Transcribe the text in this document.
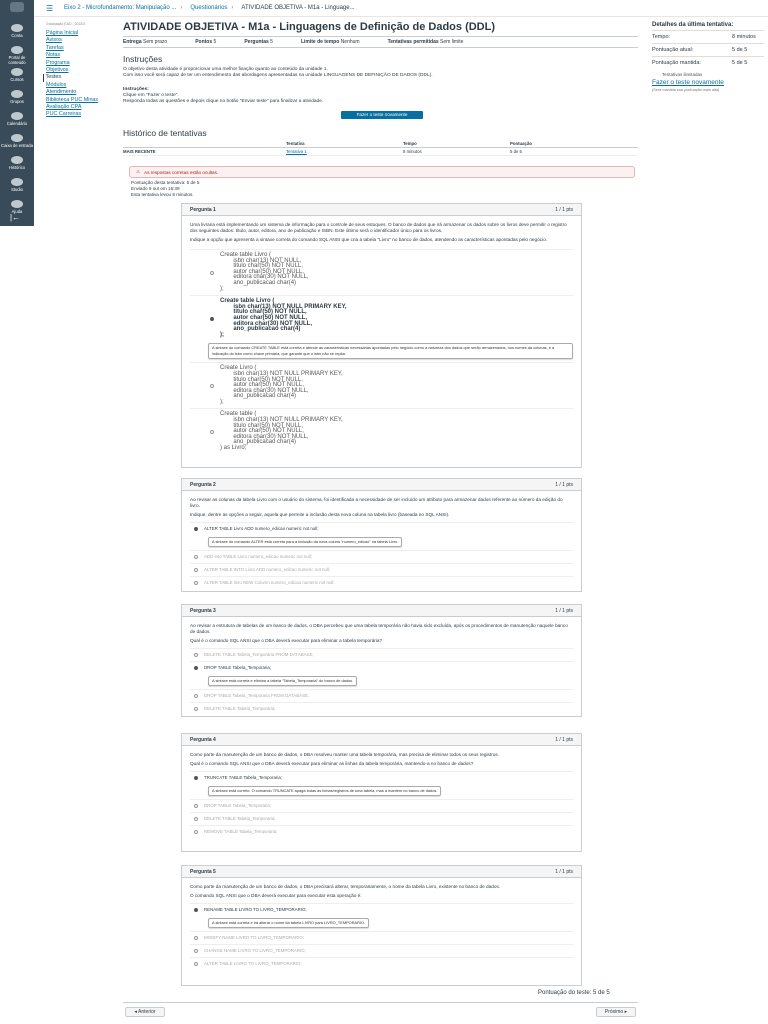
Conta
Portal de conteúdo
Cursos
Grupos
Calendário
Caixa de entrada
Histórico
Studio
Ajuda
|←
☰	Eixo 2 - Microfundamento: Manipulação ... › Questionários › ATIVIDADE OBJETIVA - M1a - Linguage...
Graduação EAD - 2022/2
Página Inicial
Avisos
Tarefas
Notas
Programa
Objetivos
Testes
Módulos
Atendimento
Biblioteca PUC Minas
Avaliação CPA
PUC Carreiras
Detalhes da última tentativa:
Tempo:	8 minutos
Pontuação atual:	5 de 5
Pontuação mantida:	5 de 5
Tentativas ilimitadas
Fazer o teste novamente
(Será mantida sua pontuação mais alta)
ATIVIDADE OBJETIVA - M1a - Linguagens de Definição de Dados (DDL)
Entrega Sem prazo	Pontos 5	Perguntas 5	Limite de tempo Nenhum	Tentativas permitidas Sem limite
Instruções
O objetivo desta atividade é proporcionar uma melhor fixação quanto ao conteúdo da unidade 1.
Com isso você será capaz de ter um entendimento das abordagens apresentadas na unidade LINGUAGENS DE DEFINIÇÃO DE DADOS (DDL).
Instruções:
Clique em "Fazer o teste".
Responda todas as questões e depois clique no botão "Enviar teste" para finalizar a atividade.
Fazer o teste novamente
Histórico de tentativas
	Tentativa	Tempo	Pontuação
MAIS RECENTE	Tentativa 1	8 minutos	5 de 5
⚠ As respostas corretas estão ocultas.
Pontuação desta tentativa: 5 de 5
Enviado 9 out em 16:39
Esta tentativa levou 8 minutos.
Pergunta 1	1 / 1 pts

Uma livraria está implementando um sistema de informação para o controle de seus estoques. O banco de dados que irá armazenar os dados sobre os livros deve permitir o registro dos seguintes dados: título, autor, editora, ano de publicação e ISBN. Este último será o identificador único para os livros.

Indique a opção que apresenta a sintaxe correta do comando SQL ANSI que cria a tabela "Livro" no banco de dados, atendendo as características apontadas pelo negócio.

Create table Livro (
isbn char(13) NOT NULL,
titulo char(50) NOT NULL,
autor char(50) NOT NULL,
editora char(30) NOT NULL,
ano_publicacao char(4)
);
Create table Livro (
isbn char(13) NOT NULL PRIMARY KEY,
titulo char(50) NOT NULL,
autor char(50) NOT NULL,
editora char(30) NOT NULL,
ano_publicacao char(4)
);
A sintaxe do comando CREATE TABLE está correta e atende as características necessárias apontadas pelo negócio como a natureza dos dados que serão armazenados, nos nomes da colunas, e a indicação do isbn como chave primária, que garante que o isbn não se repita.
Create Livro (
isbn char(13) NOT NULL PRIMARY KEY,
titulo char(50) NOT NULL,
autor char(50) NOT NULL,
editora char(30) NOT NULL,
ano_publicacao char(4)
);
Create table (
isbn char(13) NOT NULL PRIMARY KEY,
titulo char(50) NOT NULL,
autor char(50) NOT NULL,
editora char(30) NOT NULL,
ano_publicacao char(4)
) as Livro;
Pergunta 2	1 / 1 pts

Ao revisar as colunas da tabela Livro com o usuário do sistema, foi identificada a necessidade de ser incluído um atributo para armazenar dados referente ao número da edição do livro.

Indique, dentre as opções a seguir, aquela que permite a inclusão desta nova coluna na tabela livro (baseada no SQL ANSI).

ALTER TABLE Livro ADD numero_edicao numeric not null;
A sintaxe do comando ALTER está correta para a inclusão da nova coluna "numero_edicao" na tabela Livro.
ADD into TABLE Livro numero_edicao numeric not null;
ALTER TABLE INTO Livro ADD numero_edicao numeric not null;
ALTER TABLE livro NEW Column numero_edicao numeric not null;
Pergunta 3	1 / 1 pts

Ao revisar a estrutura de tabelas de um banco de dados, o DBA percebeu que uma tabela temporária não havia sido excluída, após os procedimentos de manutenção naquele banco de dados.

Qual é o comando SQL ANSI que o DBA deverá executar para eliminar a tabela temporária?

DELETE TABLE Tabela_Temporaria FROM DATABASE;
DROP TABLE Tabela_Temporaria;
A sintaxe está correta e elimina a tabela "Tabela_Temporaria" do banco de dados.
DROP TABLE Tabela_Temporaria FROM DATABASE;
DELETE TABLE Tabela_Temporaria;
Pergunta 4	1 / 1 pts

Como parte da manutenção de um banco de dados, o DBA resolveu manter uma tabela temporária, mas precisa de eliminar todos os seus registros.

Qual é o comando SQL ANSI que o DBA deverá executar para eliminar as linhas da tabela temporária, mantendo-a no banco de dados?

TRUNCATE TABLE Tabela_Temporaria;
A sintaxe está correto. O comando TRUNCATE apaga todas as linhas/registros de uma tabela, mas a mantém no banco de dados.
DROP TABLE Tabela_Temporaria;
DELETE TABLE Tabela_Temporaria;
REMOVE TABLE Tabela_Temporaria;
Pergunta 5	1 / 1 pts

Como parte da manutenção de um banco de dados, o DBA precisará alterar, temporariamente, o nome da tabela Livro, existente no banco de dados.

O comando SQL ANSI que o DBA deverá executar para executar esta operação é:

RENAME TABLE LIVRO TO LIVRO_TEMPORARIO;
A sintaxe está correta e irá alterar o nome da tabela LIVRO para LIVRO_TEMPORARIO.
MODIFY NAME LIVRO TO LIVRO_TEMPORARIO;
CHANGE NAME LIVRO TO LIVRO_TEMPORARIO;
ALTER TABLE LIVRO TO LIVRO_TEMPORARIO;
Pontuação do teste: 5 de 5
◂ Anterior	Próximo ▸
